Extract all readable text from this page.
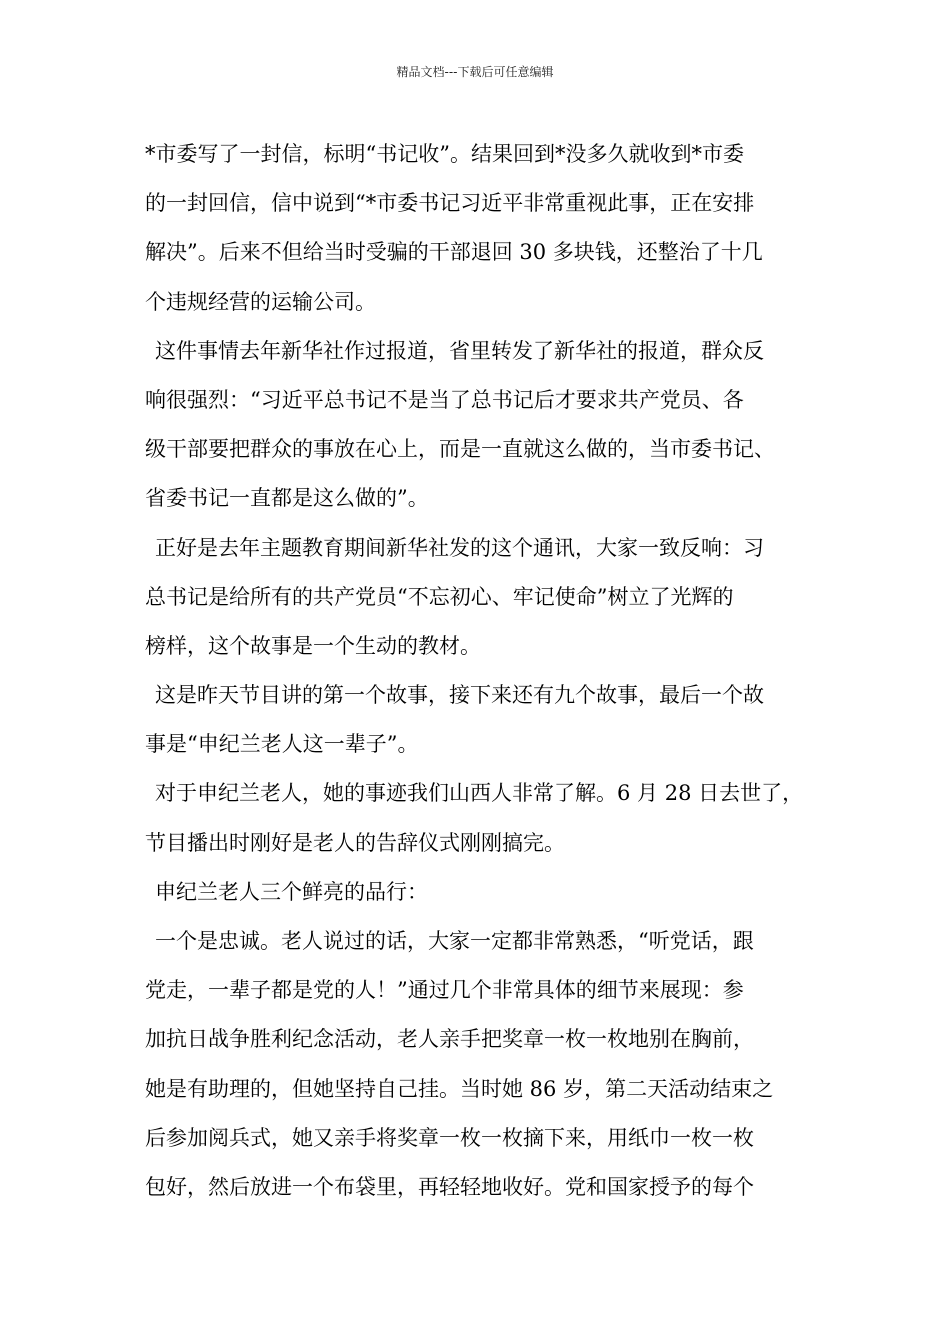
精品文档---下载后可任意编辑
*市委写了一封信，标明“书记收”。结果回到*没多久就收到*市委
的一封回信，信中说到“*市委书记习近平非常重视此事，正在安排
解决”。后来不但给当时受骗的干部退回 30 多块钱，还整治了十几
个违规经营的运输公司。
这件事情去年新华社作过报道，省里转发了新华社的报道，群众反
响很强烈：“习近平总书记不是当了总书记后才要求共产党员、各
级干部要把群众的事放在心上，而是一直就这么做的，当市委书记、
省委书记一直都是这么做的”。
正好是去年主题教育期间新华社发的这个通讯，大家一致反响：习
总书记是给所有的共产党员“不忘初心、牢记使命”树立了光辉的
榜样，这个故事是一个生动的教材。
这是昨天节目讲的第一个故事，接下来还有九个故事，最后一个故
事是“申纪兰老人这一辈子”。
对于申纪兰老人，她的事迹我们山西人非常了解。6 月 28 日去世了，
节目播出时刚好是老人的告辞仪式刚刚搞完。
申纪兰老人三个鲜亮的品行：
一个是忠诚。老人说过的话，大家一定都非常熟悉，“听党话，跟
党走，一辈子都是党的人！”通过几个非常具体的细节来展现：参
加抗日战争胜利纪念活动，老人亲手把奖章一枚一枚地别在胸前，
她是有助理的，但她坚持自己挂。当时她 86 岁，第二天活动结束之
后参加阅兵式，她又亲手将奖章一枚一枚摘下来，用纸巾一枚一枚
包好，然后放进一个布袋里，再轻轻地收好。党和国家授予的每个
